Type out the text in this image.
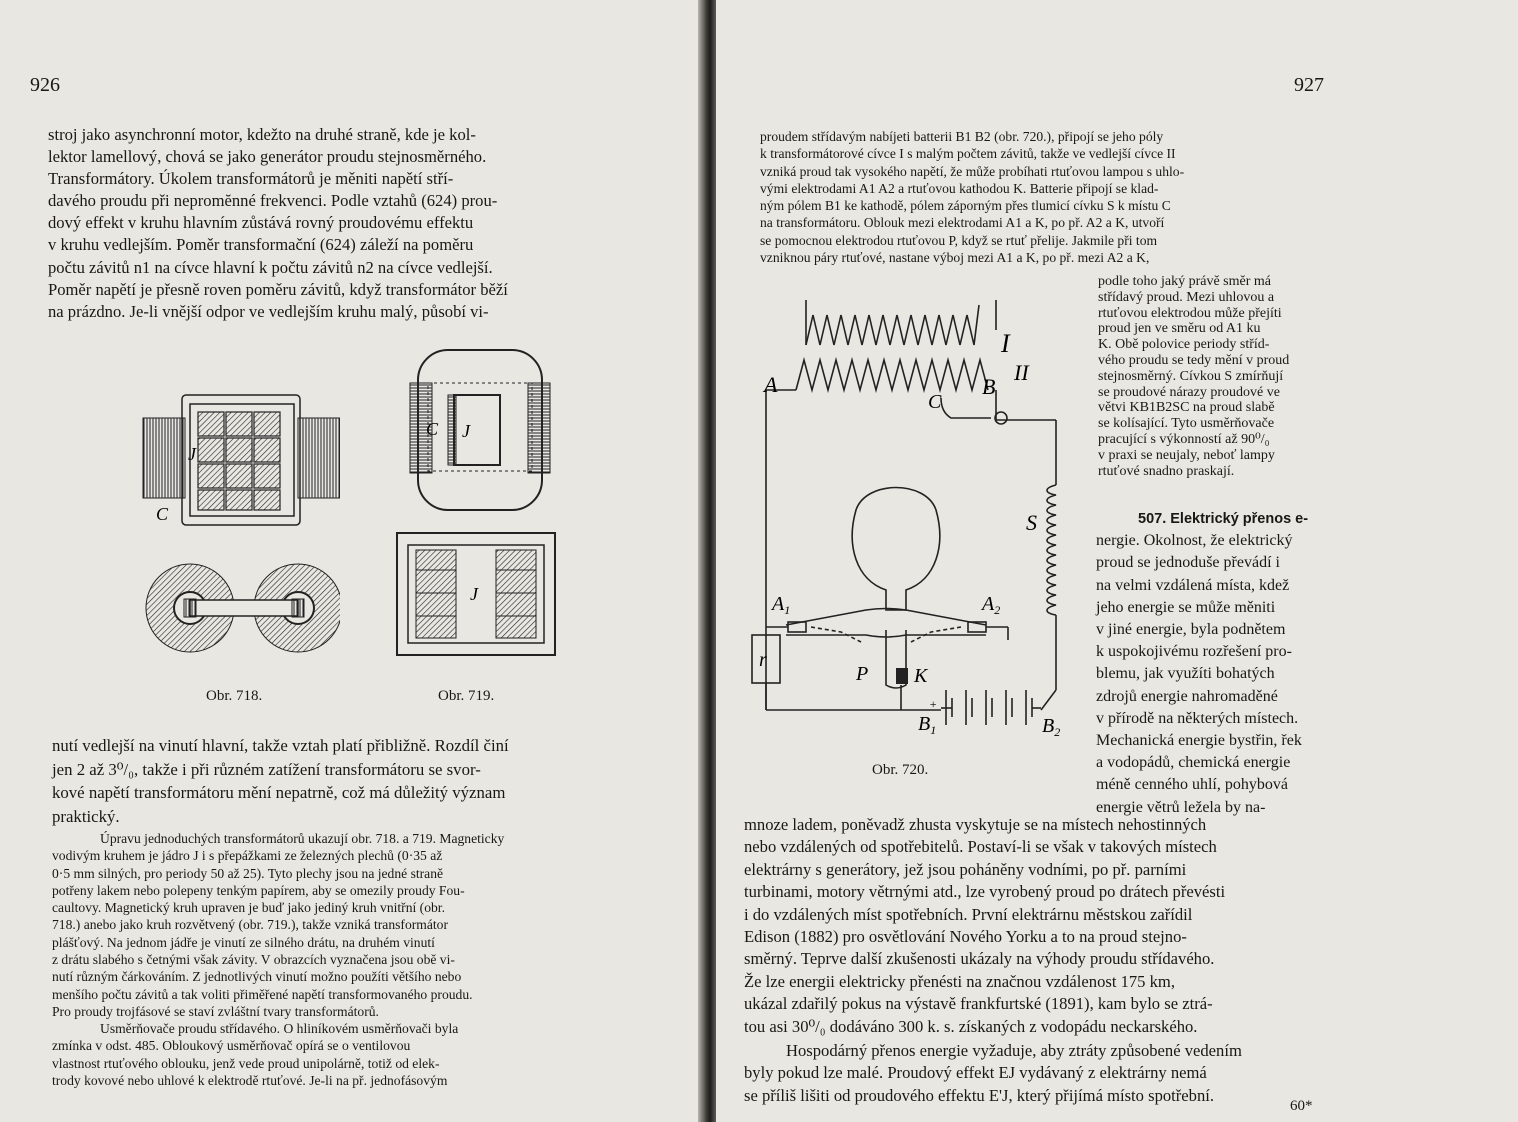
926
stroj jako asynchronní motor, kdežto na druhé straně, kde je kol-
lektor lamellový, chová se jako generátor proudu stejnosměrného.
Transformátory. Úkolem transformátorů je měniti napětí stří-
davého proudu při nepromĕnné frekvenci. Podle vztahů (624) prou-
dový effekt v kruhu hlavním zůstává rovný proudovému effektu
v kruhu vedlejším. Poměr transformační (624) záleží na poměru
počtu závitů n1 na cívce hlavní k počtu závitů n2 na cívce vedlejší.
Poměr napětí je přesně roven poměru závitů, když transformátor běží
na prázdno. Je-li vnější odpor ve vedlejším kruhu malý, působí vi-
J
C
Obr. 718.
C J
J
Obr. 719.
nutí vedlejší na vinutí hlavní, takže vztah platí přibližně. Rozdíl činí
jen 2 až 3⁰/₀, takže i při různém zatížení transformátoru se svor-
kové napětí transformátoru mění nepatrně, což má důležitý význam
praktický.
Úpravu jednoduchých transformátorů ukazují obr. 718. a 719. Magneticky
vodivým kruhem je jádro J i s přepážkami ze železných plechů (0·35 až
0·5 mm silných, pro periody 50 až 25). Tyto plechy jsou na jedné straně
potřeny lakem nebo polepeny tenkým papírem, aby se omezily proudy Fou-
caultovy. Magnetický kruh upraven je buď jako jediný kruh vnitřní (obr.
718.) anebo jako kruh rozvětvený (obr. 719.), takže vzniká transformátor
plášťový. Na jednom jádře je vinutí ze silného drátu, na druhém vinutí
z drátu slabého s četnými však závity. V obrazcích vyznačena jsou obě vi-
nutí různým čárkováním. Z jednotlivých vinutí možno použíti většího nebo
menšího počtu závitů a tak voliti přiměřené napětí transformovaného proudu.
Pro proudy trojfásové se staví zvláštní tvary transformátorů.
Usměrňovače proudu střídavého. O hliníkovém usměrňovači byla
zmínka v odst. 485. Obloukový usměrňovač opírá se o ventilovou
vlastnost rtuťového oblouku, jenž vede proud unipolárně, totiž od elek-
trody kovové nebo uhlové k elektrodě rtuťové. Je-li na př. jednofásovým
927
proudem střídavým nabíjeti batterii B1 B2 (obr. 720.), připojí se jeho póly
k transformátorové cívce I s malým počtem závitů, takže ve vedlejší cívce II
vzniká proud tak vysokého napětí, že může probíhati rtuťovou lampou s uhlo-
vými elektrodami A1 A2 a rtuťovou kathodou K. Batterie připojí se klad-
ným pólem B1 ke kathodě, pólem záporným přes tlumicí cívku S k místu C
na transformátoru. Oblouk mezi elektrodami A1 a K, po př. A2 a K, utvoří
se pomocnou elektrodou rtuťovou P, když se rtuť přelije. Jakmile při tom
vzniknou páry rtuťové, nastane výboj mezi A1 a K, po př. mezi A2 a K,
I
II
A	B
C
S
$A_1$	$A_2$
r
P K
+
$B_1$	$B_2$
Obr. 720.
podle toho jaký právě směr má
střídavý proud. Mezi uhlovou a
rtuťovou elektrodou může přejíti
proud jen ve směru od A1 ku
K. Obě polovice periody stříd-
vého proudu se tedy mění v proud
stejnosměrný. Cívkou S zmírňují
se proudové nárazy proudové ve
větvi KB1B2SC na proud slabě
se kolísající. Tyto usměrňovače
pracující s výkonností až 90⁰/₀
v praxi se neujaly, neboť lampy
rtuťové snadno praskají.
507. Elektrický přenos e-
nergie. Okolnost, že elektrický
proud se jednoduše převádí i
na velmi vzdálená místa, kdež
jeho energie se může měniti
v jiné energie, byla podnětem
k uspokojivému rozřešení pro-
blemu, jak využíti bohatých
zdrojů energie nahromaděné
v přírodě na některých místech.
Mechanická energie bystřin, řek
a vodopádů, chemická energie
méně cenného uhlí, pohybová
energie větrů ležela by na-
mnoze ladem, poněvadž zhusta vyskytuje se na místech nehostinných
nebo vzdálených od spotřebitelů. Postaví-li se však v takových místech
elektrárny s generátory, jež jsou poháněny vodními, po př. parními
turbinami, motory větrnými atd., lze vyrobený proud po drátech převésti
i do vzdálených míst spotřebních. První elektrárnu městskou zařídil
Edison (1882) pro osvětlování Nového Yorku a to na proud stejno-
směrný. Teprve další zkušenosti ukázaly na výhody proudu střídavého.
Že lze energii elektricky přenésti na značnou vzdálenost 175 km,
ukázal zdařilý pokus na výstavě frankfurtské (1891), kam bylo se ztrá-
tou asi 30⁰/₀ dodáváno 300 k. s. získaných z vodopádu neckarského.
Hospodárný přenos energie vyžaduje, aby ztráty způsobené vedením
byly pokud lze malé. Proudový effekt EJ vydávaný z elektrárny nemá
se příliš lišiti od proudového effektu E'J, který přijímá místo spotřební.
60*
